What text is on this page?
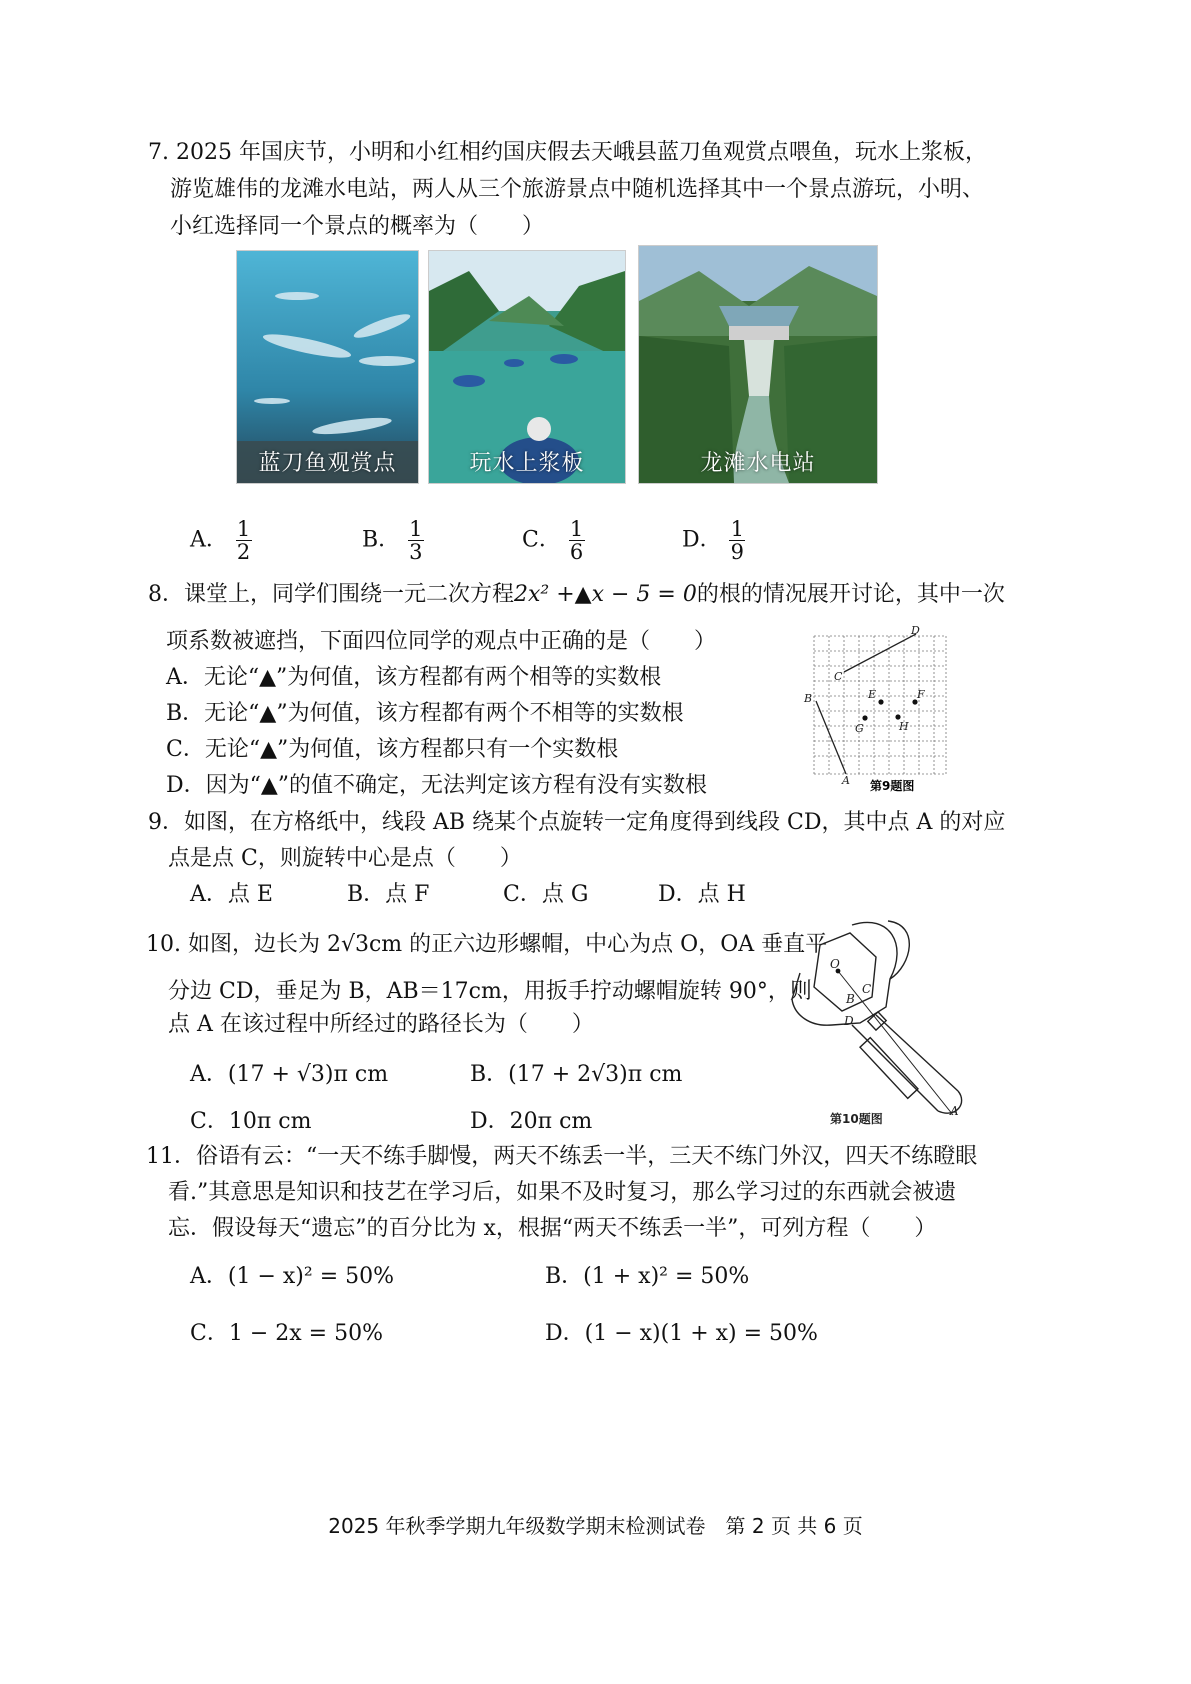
7. 2025 年国庆节，小明和小红相约国庆假去天峨县蓝刀鱼观赏点喂鱼，玩水上浆板，
游览雄伟的龙滩水电站，两人从三个旅游景点中随机选择其中一个景点游玩，小明、
小红选择同一个景点的概率为（　　）
蓝刀鱼观赏点	玩水上浆板	龙滩水电站
A． $\frac{1}{2}$	B． $\frac{1}{3}$	C． $\frac{1}{6}$	D． $\frac{1}{9}$
8．课堂上，同学们围绕一元二次方程2x² +▲x − 5 = 0的根的情况展开讨论，其中一次
项系数被遮挡，下面四位同学的观点中正确的是（　　）
A．无论“▲”为何值，该方程都有两个相等的实数根
B．无论“▲”为何值，该方程都有两个不相等的实数根
C．无论“▲”为何值，该方程都只有一个实数根
D．因为“▲”的值不确定，无法判定该方程有没有实数根
D
C
B	E	F
G	H
A 第9题图
9．如图，在方格纸中，线段 AB 绕某个点旋转一定角度得到线段 CD，其中点 A 的对应
点是点 C，则旋转中心是点（　　）
A．点 E	B．点 F	C．点 G	D．点 H
10. 如图，边长为 2√3cm 的正六边形螺帽，中心为点 O，OA 垂直平
分边 CD，垂足为 B，AB＝17cm，用扳手拧动螺帽旋转 90°，则
点 A 在该过程中所经过的路径长为（　　）
A．(17 + √3)π cm	B．(17 + 2√3)π cm
C．10π cm	D．20π cm
O
B
C
D
A
第10题图
11．俗语有云：“一天不练手脚慢，两天不练丢一半，三天不练门外汉，四天不练瞪眼
看.”其意思是知识和技艺在学习后，如果不及时复习，那么学习过的东西就会被遗
忘．假设每天“遗忘”的百分比为 x，根据“两天不练丢一半”，可列方程（　　）
A．(1 − x)² = 50%	B．(1 + x)² = 50%
C．1 − 2x = 50%	D．(1 − x)(1 + x) = 50%
2025 年秋季学期九年级数学期末检测试卷　第 2 页 共 6 页
